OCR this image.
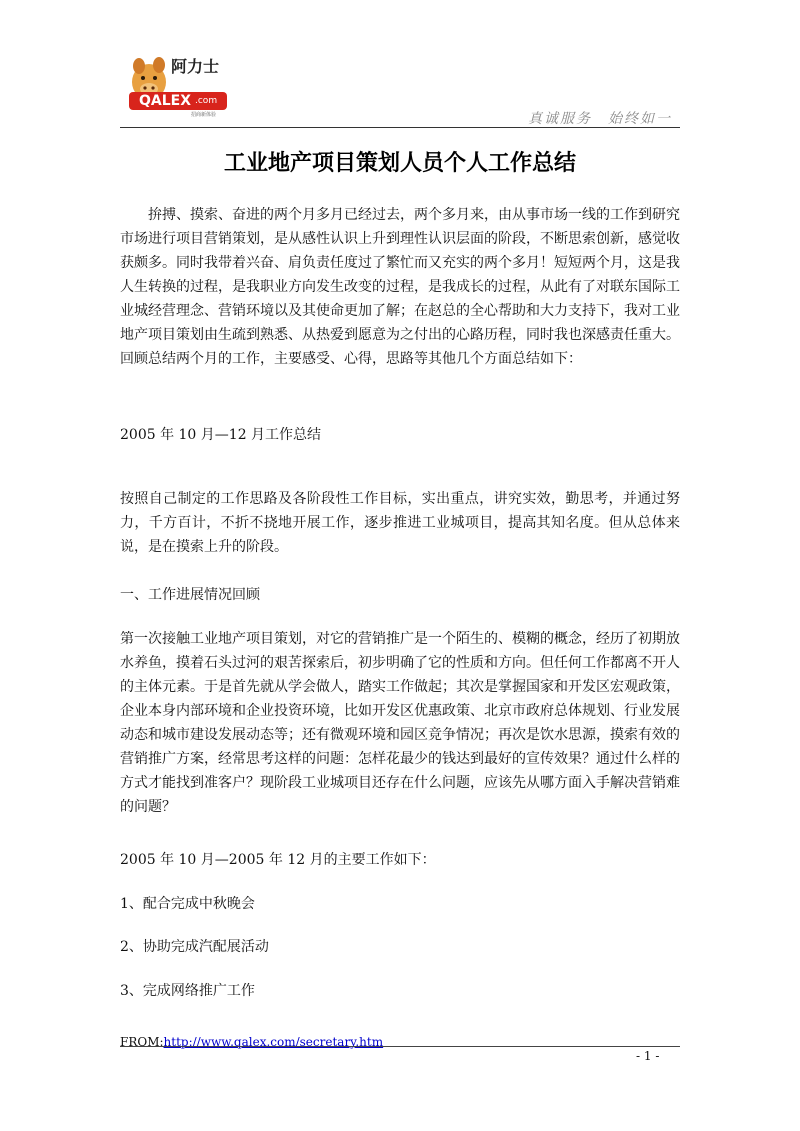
阿力士
QALEX .com
招商新体验	真诚服务　始终如一
工业地产项目策划人员个人工作总结

拚搏、摸索、奋进的两个月多月已经过去，两个多月来，由从事市场一线的工作到研究市场进行项目营销策划，是从感性认识上升到理性认识层面的阶段，不断思索创新，感觉收获颇多。同时我带着兴奋、肩负责任度过了繁忙而又充实的两个多月！短短两个月，这是我人生转换的过程，是我职业方向发生改变的过程，是我成长的过程，从此有了对联东国际工业城经营理念、营销环境以及其使命更加了解；在赵总的全心帮助和大力支持下，我对工业地产项目策划由生疏到熟悉、从热爱到愿意为之付出的心路历程，同时我也深感责任重大。回顾总结两个月的工作，主要感受、心得，思路等其他几个方面总结如下：

2005 年 10 月—12 月工作总结

按照自己制定的工作思路及各阶段性工作目标，实出重点，讲究实效，勤思考，并通过努力，千方百计，不折不挠地开展工作，逐步推进工业城项目，提高其知名度。但从总体来说，是在摸索上升的阶段。

一、工作进展情况回顾

第一次接触工业地产项目策划，对它的营销推广是一个陌生的、模糊的概念，经历了初期放水养鱼，摸着石头过河的艰苦探索后，初步明确了它的性质和方向。但任何工作都离不开人的主体元素。于是首先就从学会做人，踏实工作做起；其次是掌握国家和开发区宏观政策，企业本身内部环境和企业投资环境，比如开发区优惠政策、北京市政府总体规划、行业发展动态和城市建设发展动态等；还有微观环境和园区竞争情况；再次是饮水思源，摸索有效的营销推广方案，经常思考这样的问题：怎样花最少的钱达到最好的宣传效果？通过什么样的方式才能找到准客户？现阶段工业城项目还存在什么问题，应该先从哪方面入手解决营销难的问题？

2005 年 10 月—2005 年 12 月的主要工作如下：

1、配合完成中秋晚会

2、协助完成汽配展活动

3、完成网络推广工作

FROM:http://www.qalex.com/secretary.htm
- 1 -
